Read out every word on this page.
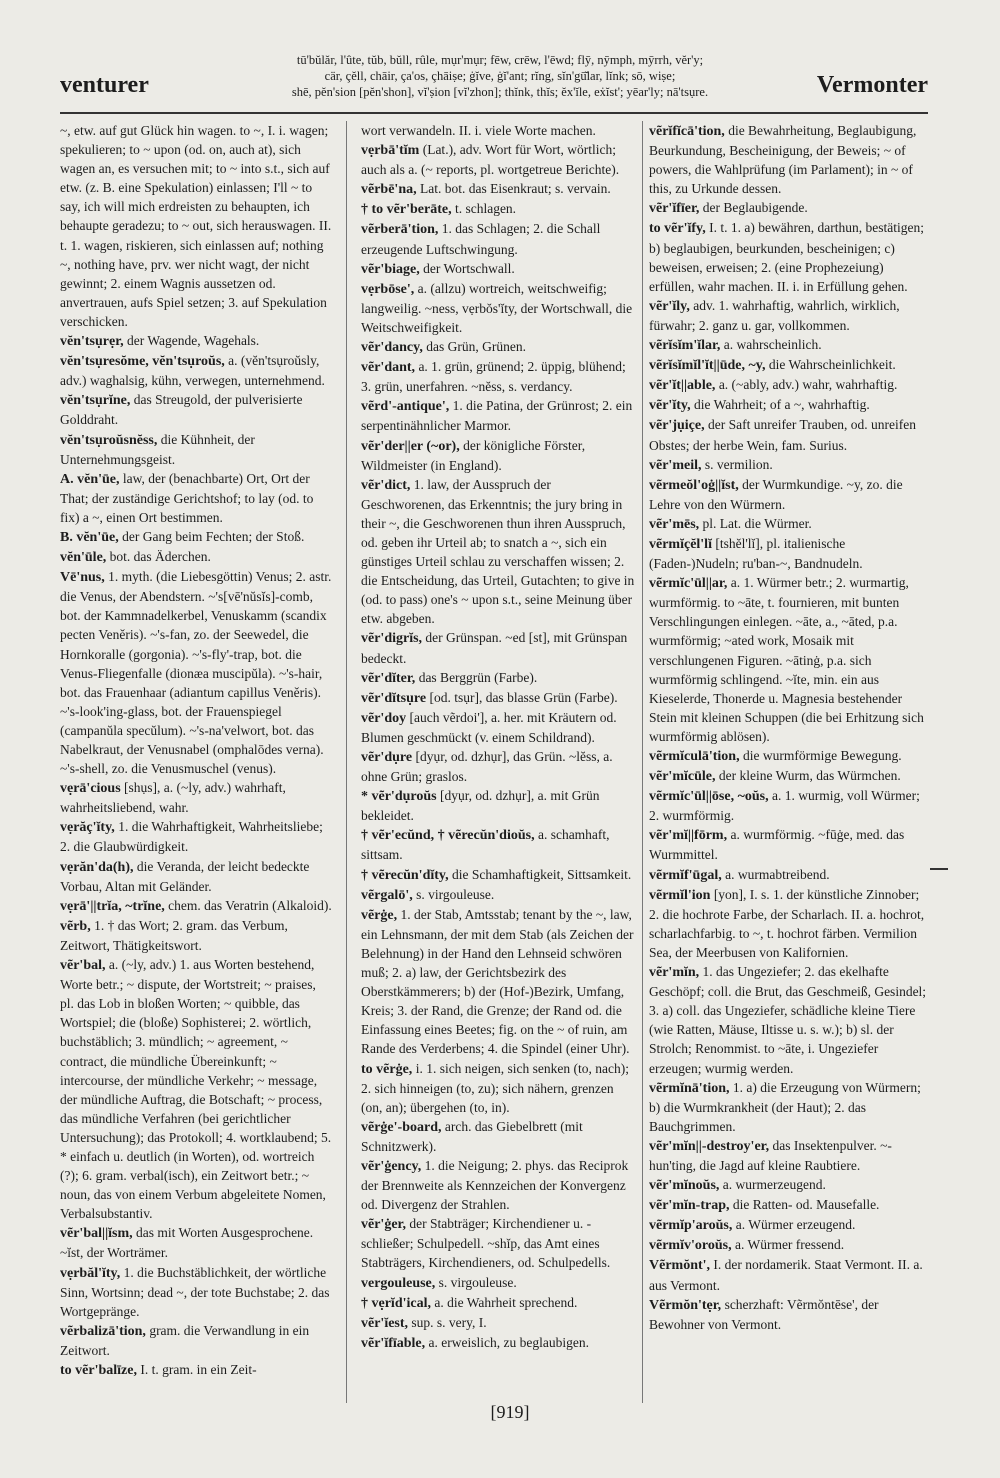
venturer
tū'bŭlăr, l'ûte, tŭb, bŭll, rûle, mụr'mụr; fēw, crēw, l'ēwd; flȳ, nȳmph, mȳrrh, vĕr'y;
cär, çĕll, chāir, ça'os, çhāiṣe; ġĭve, ġĭ'ant; rĭng, sĭn'gū̆lar, lĭnk; sō, wiṣe;
shē, pĕn'sion [pĕn'shon], vĭ'ṣion [vĭ'zhon]; thĭnk, thĭs; ĕx'ĭle, eẋĭst'; yēar'ly; nā'tsụre.	Vermonter
~, etw. auf gut Glück hin wagen. to ~, I. i. wagen; spekulieren; to ~ upon (od. on, auch at), sich wagen an, es versuchen mit; to ~ into s.t., sich auf etw. (z. B. eine Spekulation) einlassen; I'll ~ to say, ich will mich erdreisten zu behaupten, ich behaupte geradezu; to ~ out, sich herauswagen. II. t. 1. wagen, riskieren, sich einlassen auf; nothing ~, nothing have, prv. wer nicht wagt, der nicht gewinnt; 2. einem Wagnis aussetzen od. anvertrauen, aufs Spiel setzen; 3. auf Spekulation verschicken.
vĕn'tsụrẹr, der Wagende, Wagehals.
vĕn'tsụresŏme, vĕn'tsụroŭs, a. (vĕn'tsụroŭsly, adv.) waghalsig, kühn, verwegen, unternehmend.
vĕn'tsụrĭne, das Streugold, der pulverisierte Golddraht.
vĕn'tsụroŭsnĕss, die Kühnheit, der Unternehmungsgeist.
A. vĕn'ūe, law, der (benachbarte) Ort, Ort der That; der zuständige Gerichtshof; to lay (od. to fix) a ~, einen Ort bestimmen.
B. vĕn'ūe, der Gang beim Fechten; der Stoß.
vĕn'ūle, bot. das Äderchen.
Vē'nus, 1. myth. (die Liebesgöttin) Venus; 2. astr. die Venus, der Abendstern. ~'s[vē'nŭsĭs]-comb, bot. der Kammnadelkerbel, Venuskamm (scandix pecten Veněris). ~'s-fan, zo. der Seewedel, die Hornkoralle (gorgonia). ~'s-fly'-trap, bot. die Venus-Fliegenfalle (dionæa muscipŭla). ~'s-hair, bot. das Frauenhaar (adiantum capillus Veněris). ~'s-look'ing-glass, bot. der Frauenspiegel (campanŭla specŭlum). ~'s-na'velwort, bot. das Nabelkraut, der Venusnabel (omphalōdes verna). ~'s-shell, zo. die Venusmuschel (venus).
vẹrā'cious [shụs], a. (~ly, adv.) wahrhaft, wahrheitsliebend, wahr.
vẹrăç'ĭty, 1. die Wahrhaftigkeit, Wahrheitsliebe; 2. die Glaubwürdigkeit.
vẹrăn'da(h), die Veranda, der leicht bedeckte Vorbau, Altan mit Geländer.
vẹrā'||trĭa, ~trĭne, chem. das Veratrin (Alkaloid).
vẽrb, 1. † das Wort; 2. gram. das Verbum, Zeitwort, Thätigkeitswort.
vẽr'bal, a. (~ly, adv.) 1. aus Worten bestehend, Worte betr.; ~ dispute, der Wortstreit; ~ praises, pl. das Lob in bloßen Worten; ~ quibble, das Wortspiel; die (bloße) Sophisterei; 2. wörtlich, buchstäblich; 3. mündlich; ~ agreement, ~ contract, die mündliche Übereinkunft; ~ intercourse, der mündliche Verkehr; ~ message, der mündliche Auftrag, die Botschaft; ~ process, das mündliche Verfahren (bei gerichtlicher Untersuchung); das Protokoll; 4. wortklaubend; 5. * einfach u. deutlich (in Worten), od. wortreich (?); 6. gram. verbal(isch), ein Zeitwort betr.; ~ noun, das von einem Verbum abgeleitete Nomen, Verbalsubstantiv.
vẽr'bal||ĭsm, das mit Worten Ausgesprochene. ~ĭst, der Worträmer.
vẹrbăl'ĭty, 1. die Buchstäblichkeit, der wörtliche Sinn, Wortsinn; dead ~, der tote Buchstabe; 2. das Wortgepränge.
vẽrbalizā'tion, gram. die Verwandlung in ein Zeitwort.
to vẽr'balīze, I. t. gram. in ein Zeit-
wort verwandeln. II. i. viele Worte machen.
vẹrbā'tĭm (Lat.), adv. Wort für Wort, wörtlich; auch als a. (~ reports, pl. wortgetreue Berichte).
vẽrbē'na, Lat. bot. das Eisenkraut; s. vervain.
† to vẽr'berāte, t. schlagen.
vẽrberā'tion, 1. das Schlagen; 2. die Schall erzeugende Luftschwingung.
vẽr'biage, der Wortschwall.
vẹrbōse', a. (allzu) wortreich, weitschweifig; langweilig. ~ness, vẹrbŏs'ĭty, der Wortschwall, die Weitschweifigkeit.
vẽr'dancy, das Grün, Grünen.
vẽr'dant, a. 1. grün, grünend; 2. üppig, blühend; 3. grün, unerfahren. ~nĕss, s. verdancy.
vẽrd'-antique', 1. die Patina, der Grünrost; 2. ein serpentinähnlicher Marmor.
vẽr'der||er (~or), der königliche Förster, Wildmeister (in England).
vẽr'dict, 1. law, der Ausspruch der Geschworenen, das Erkenntnis; the jury bring in their ~, die Geschworenen thun ihren Ausspruch, od. geben ihr Urteil ab; to snatch a ~, sich ein günstiges Urteil schlau zu verschaffen wissen; 2. die Entscheidung, das Urteil, Gutachten; to give in (od. to pass) one's ~ upon s.t., seine Meinung über etw. abgeben.
vẽr'digrĭs, der Grünspan. ~ed [st], mit Grünspan bedeckt.
vẽr'dĭter, das Berggrün (Farbe).
vẽr'dĭtsụre [od. tsụr], das blasse Grün (Farbe).
vẽr'doy [auch vẽrdoi'], a. her. mit Kräutern od. Blumen geschmückt (v. einem Schildrand).
vẽr'dụre [dyụr, od. dzhụr], das Grün. ~lĕss, a. ohne Grün; graslos.
* vẽr'dụroŭs [dyụr, od. dzhụr], a. mit Grün bekleidet.
† vẽr'ecŭnd, † vẽrecŭn'dioŭs, a. schamhaft, sittsam.
† vẽrecŭn'dĭty, die Schamhaftigkeit, Sittsamkeit.
vẽrgalō', s. virgouleuse.
vẽrġe, 1. der Stab, Amtsstab; tenant by the ~, law, ein Lehnsmann, der mit dem Stab (als Zeichen der Belehnung) in der Hand den Lehnseid schwören muß; 2. a) law, der Gerichtsbezirk des Oberstkämmerers; b) der (Hof-)Bezirk, Umfang, Kreis; 3. der Rand, die Grenze; der Rand od. die Einfassung eines Beetes; fig. on the ~ of ruin, am Rande des Verderbens; 4. die Spindel (einer Uhr).
to vẽrġe, i. 1. sich neigen, sich senken (to, nach); 2. sich hinneigen (to, zu); sich nähern, grenzen (on, an); übergehen (to, in).
vẽrġe'-board, arch. das Giebelbrett (mit Schnitzwerk).
vẽr'ġency, 1. die Neigung; 2. phys. das Reciprok der Brennweite als Kennzeichen der Konvergenz od. Divergenz der Strahlen.
vẽr'ġer, der Stabträger; Kirchendiener u. -schließer; Schulpedell. ~shĭp, das Amt eines Stabträgers, Kirchendieners, od. Schulpedells.
vergouleuse, s. virgouleuse.
† vẹrĭd'ical, a. die Wahrheit sprechend.
vẽr'ĭest, sup. s. very, I.
vẽr'ĭfīable, a. erweislich, zu beglaubigen.
vẽrĭfĭcā'tion, die Bewahrheitung, Beglaubigung, Beurkundung, Bescheinigung, der Beweis; ~ of powers, die Wahlprüfung (im Parlament); in ~ of this, zu Urkunde dessen.
vẽr'ĭfīer, der Beglaubigende.
to vẽr'ĭfy, I. t. 1. a) bewähren, darthun, bestätigen; b) beglaubigen, beurkunden, bescheinigen; c) beweisen, erweisen; 2. (eine Prophezeiung) erfüllen, wahr machen. II. i. in Erfüllung gehen.
vẽr'ĭly, adv. 1. wahrhaftig, wahrlich, wirklich, fürwahr; 2. ganz u. gar, vollkommen.
vẽrĭsĭm'ĭlar, a. wahrscheinlich.
vẽrĭsĭmĭl'ĭt||ūde, ~y, die Wahrscheinlichkeit.
vẽr'ĭt||able, a. (~ably, adv.) wahr, wahrhaftig.
vẽr'ĭty, die Wahrheit; of a ~, wahrhaftig.
vẽr'jụiçe, der Saft unreifer Trauben, od. unreifen Obstes; der herbe Wein, fam. Surius.
vẽr'meil, s. vermilion.
vẽrmeŏl'oġ||ĭst, der Wurmkundige. ~y, zo. die Lehre von den Würmern.
vẽr'mēs, pl. Lat. die Würmer.
vẽrmĭçĕl'lĭ [tshĕl'lĭ], pl. italienische (Faden-)Nudeln; ru'ban-~, Bandnudeln.
vẽrmĭc'ūl||ar, a. 1. Würmer betr.; 2. wurmartig, wurmförmig. to ~āte, t. fournieren, mit bunten Verschlingungen einlegen. ~āte, a., ~āted, p.a. wurmförmig; ~ated work, Mosaik mit verschlungenen Figuren. ~ātinġ, p.a. sich wurmförmig schlingend. ~ĭte, min. ein aus Kieselerde, Thonerde u. Magnesia bestehender Stein mit kleinen Schuppen (die bei Erhitzung sich wurmförmig ablösen).
vẽrmĭculā'tion, die wurmförmige Bewegung.
vẽr'mĭcūle, der kleine Wurm, das Würmchen.
vẽrmĭc'ūl||ōse, ~oŭs, a. 1. wurmig, voll Würmer; 2. wurmförmig.
vẽr'mĭ||fōrm, a. wurmförmig. ~fūġe, med. das Wurmmittel.
vẽrmĭf'ūgal, a. wurmabtreibend.
vẽrmĭl'ion [yon], I. s. 1. der künstliche Zinnober; 2. die hochrote Farbe, der Scharlach. II. a. hochrot, scharlachfarbig. to ~, t. hochrot färben. Vermilion Sea, der Meerbusen von Kalifornien.
vẽr'mĭn, 1. das Ungeziefer; 2. das ekelhafte Geschöpf; coll. die Brut, das Geschmeiß, Gesindel; 3. a) coll. das Ungeziefer, schädliche kleine Tiere (wie Ratten, Mäuse, Iltisse u. s. w.); b) sl. der Strolch; Renommist. to ~āte, i. Ungeziefer erzeugen; wurmig werden.
vẽrmĭnā'tion, 1. a) die Erzeugung von Würmern; b) die Wurmkrankheit (der Haut); 2. das Bauchgrimmen.
vẽr'mĭn||-destroy'er, das Insektenpulver. ~-hun'ting, die Jagd auf kleine Raubtiere.
vẽr'mĭnoŭs, a. wurmerzeugend.
vẽr'mĭn-trap, die Ratten- od. Mausefalle.
vẽrmĭp'aroŭs, a. Würmer erzeugend.
vẽrmĭv'oroŭs, a. Würmer fressend.
Vẽrmŏnt', I. der nordamerik. Staat Vermont. II. a. aus Vermont.
Vẽrmŏn'tẹr, scherzhaft: Vẽrmŏntēse', der Bewohner von Vermont.
[919]
